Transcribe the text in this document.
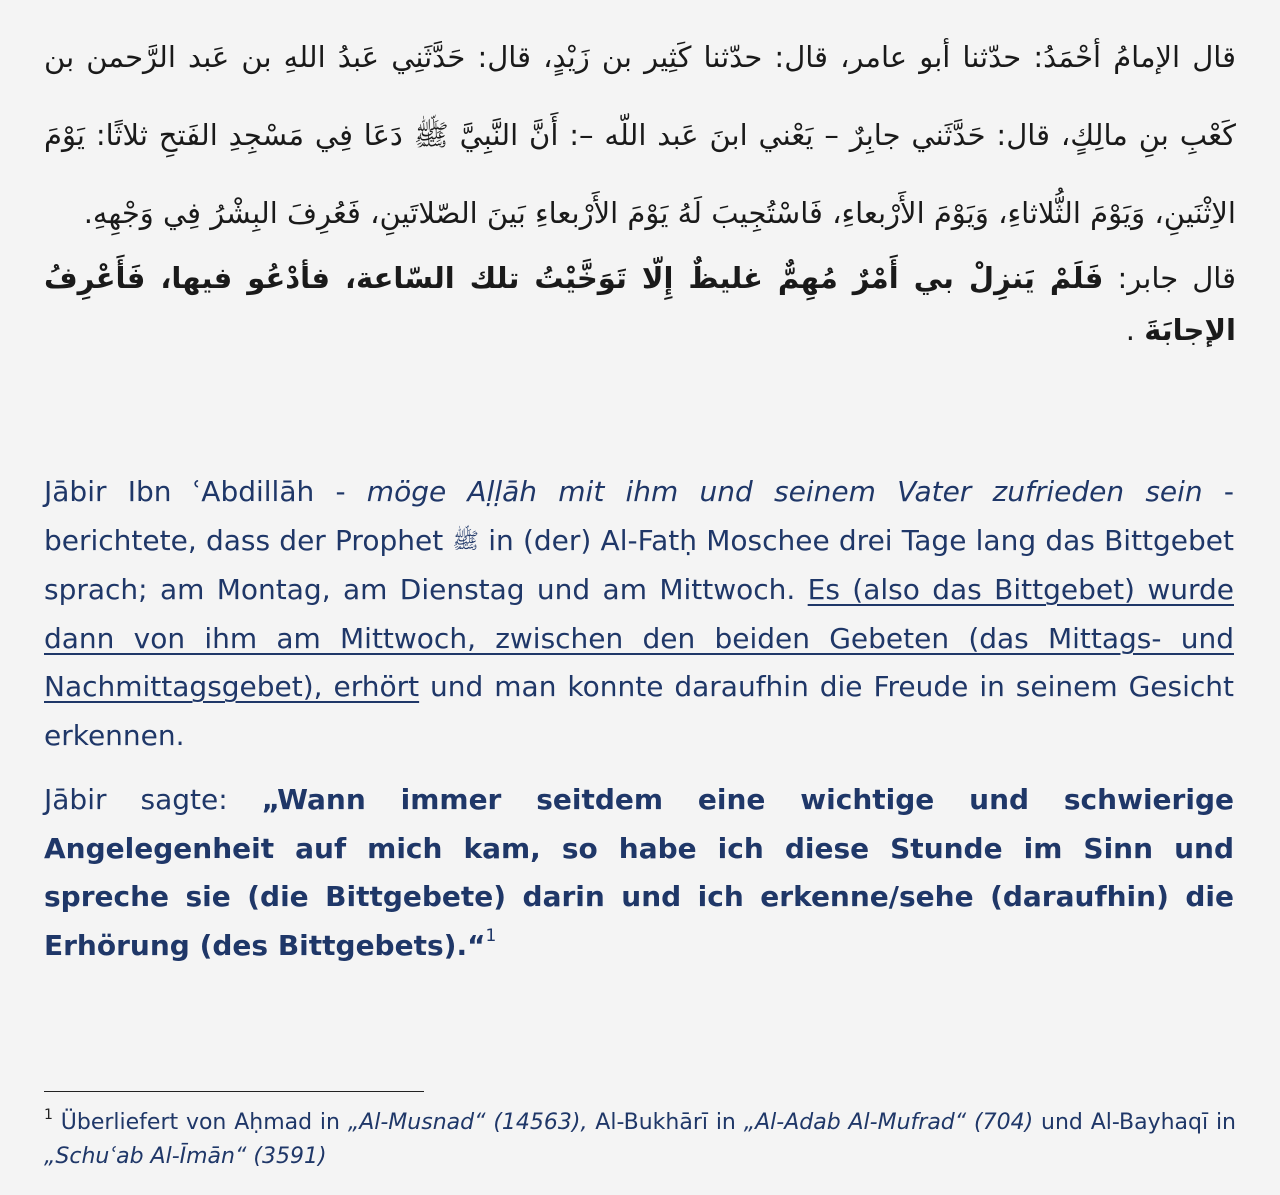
قال الإمامُ أحْمَدُ: حدّثنا أبو عامر، قال: حدّثنا كَثِير بن زَيْدٍ، قال: حَدَّثَنِي عَبدُ اللهِ بن عَبد الرَّحمن بن كَعْبِ بنِ مالِكٍ، قال: حَدَّثَني جابِرٌ – يَعْني ابنَ عَبد اللّه –: أَنَّ النَّبِيَّ ﷺ دَعَا فِي مَسْجِدِ الفَتحِ ثلاثًا: يَوْمَ الاِثْنَينِ، وَيَوْمَ الثُّلاثاءِ، وَيَوْمَ الأَرْبعاءِ، فَاسْتُجِيبَ لَهُ يَوْمَ الأَرْبعاءِ بَينَ الصّلاتَينِ، فَعُرِفَ البِشْرُ فِي وَجْهِهِ.

قال جابر: فَلَمْ يَنزِلْ بي أَمْرٌ مُهِمٌّ غليظٌ إِلّا تَوَخَّيْتُ تلك السّاعة، فأدْعُو فيها، فَأَعْرِفُ الإجابَةَ .

Jābir Ibn ʿAbdillāh - möge Aḷḷāh mit ihm und seinem Vater zufrieden sein - berichtete, dass der Prophet ﷺ in (der) Al-Fatḥ Moschee drei Tage lang das Bittgebet sprach; am Montag, am Dienstag und am Mittwoch. Es (also das Bittgebet) wurde dann von ihm am Mittwoch, zwischen den beiden Gebeten (das Mittags- und Nachmittagsgebet), erhört und man konnte daraufhin die Freude in seinem Gesicht erkennen.

Jābir sagte: „Wann immer seitdem eine wichtige und schwierige Angelegenheit auf mich kam, so habe ich diese Stunde im Sinn und spreche sie (die Bittgebete) darin und ich erkenne/sehe (daraufhin) die Erhörung (des Bittgebets).“$^1$

$^1$ Überliefert von Aḥmad in „Al-Musnad“ (14563), Al-Bukhārī in „Al-Adab Al-Mufrad“ (704) und Al-Bayhaqī in „Schuʿab Al-Īmān“ (3591)
